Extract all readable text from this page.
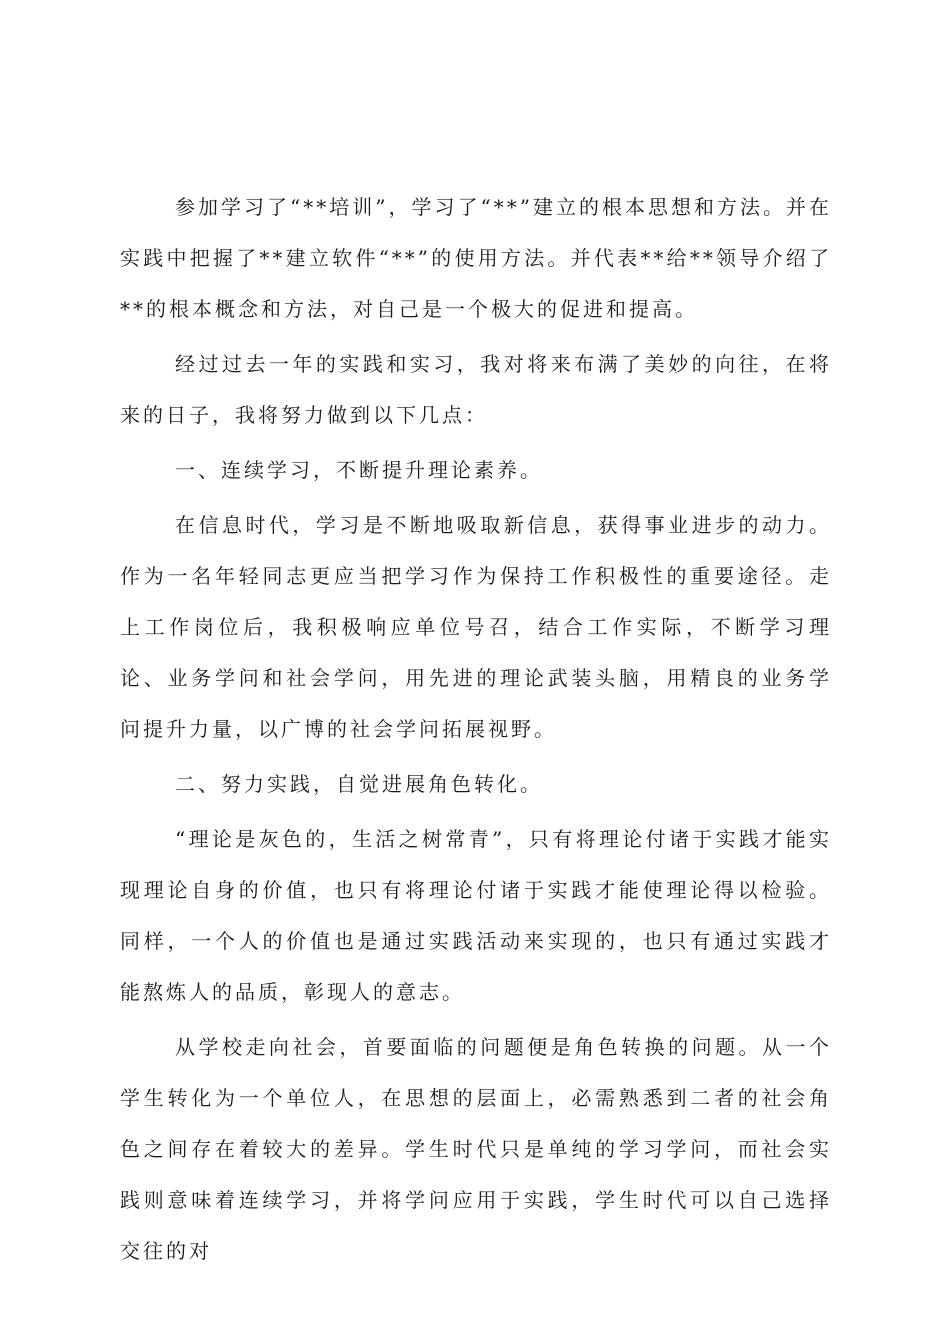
参加学习了“**培训”，学习了“**”建立的根本思想和方法。并在实践中把握了**建立软件“**”的使用方法。并代表**给**领导介绍了**的根本概念和方法，对自己是一个极大的促进和提高。

经过过去一年的实践和实习，我对将来布满了美妙的向往，在将来的日子，我将努力做到以下几点：

一、连续学习，不断提升理论素养。

在信息时代，学习是不断地吸取新信息，获得事业进步的动力。作为一名年轻同志更应当把学习作为保持工作积极性的重要途径。走上工作岗位后，我积极响应单位号召，结合工作实际，不断学习理论、业务学问和社会学问，用先进的理论武装头脑，用精良的业务学问提升力量，以广博的社会学问拓展视野。

二、努力实践，自觉进展角色转化。

“理论是灰色的，生活之树常青”，只有将理论付诸于实践才能实现理论自身的价值，也只有将理论付诸于实践才能使理论得以检验。同样，一个人的价值也是通过实践活动来实现的，也只有通过实践才能熬炼人的品质，彰现人的意志。

从学校走向社会，首要面临的问题便是角色转换的问题。从一个学生转化为一个单位人，在思想的层面上，必需熟悉到二者的社会角色之间存在着较大的差异。学生时代只是单纯的学习学问，而社会实践则意味着连续学习，并将学问应用于实践，学生时代可以自己选择交往的对
